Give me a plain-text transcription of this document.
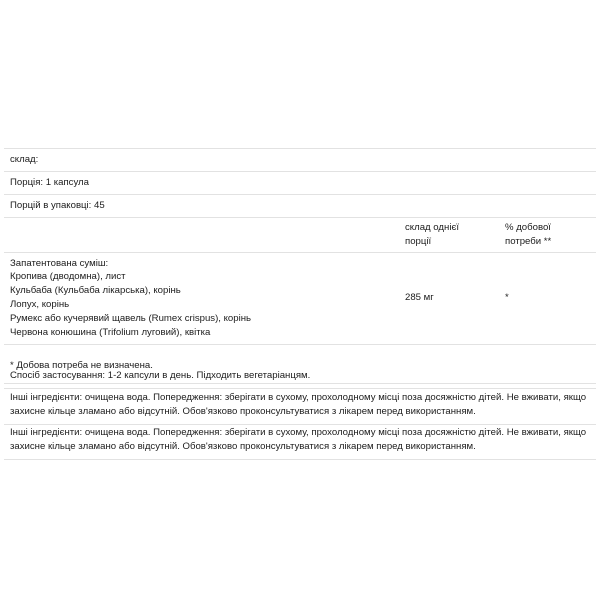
склад:
Порція: 1 капсула
Порцій в упаковці: 45
склад однієї
порції
% добової
потреби **
Запатентована суміш:
Кропива (дводомна), лист
Кульбаба (Кульбаба лікарська), корінь
Лопух, корінь
Румекс або кучерявий щавель (Rumex crispus), корінь
Червона конюшина (Trifolium луговий), квітка
285 мг	*
* Добова потреба не визначена.
Спосіб застосування: 1-2 капсули в день. Підходить вегетаріанцям.
Інші інгредієнти: очищена вода. Попередження: зберігати в сухому, прохолодному місці поза досяжністю дітей. Не вживати, якщо захисне кільце зламано або відсутній. Обов'язково проконсультуватися з лікарем перед використанням.
Інші інгредієнти: очищена вода. Попередження: зберігати в сухому, прохолодному місці поза досяжністю дітей. Не вживати, якщо захисне кільце зламано або відсутній. Обов'язково проконсультуватися з лікарем перед використанням.
